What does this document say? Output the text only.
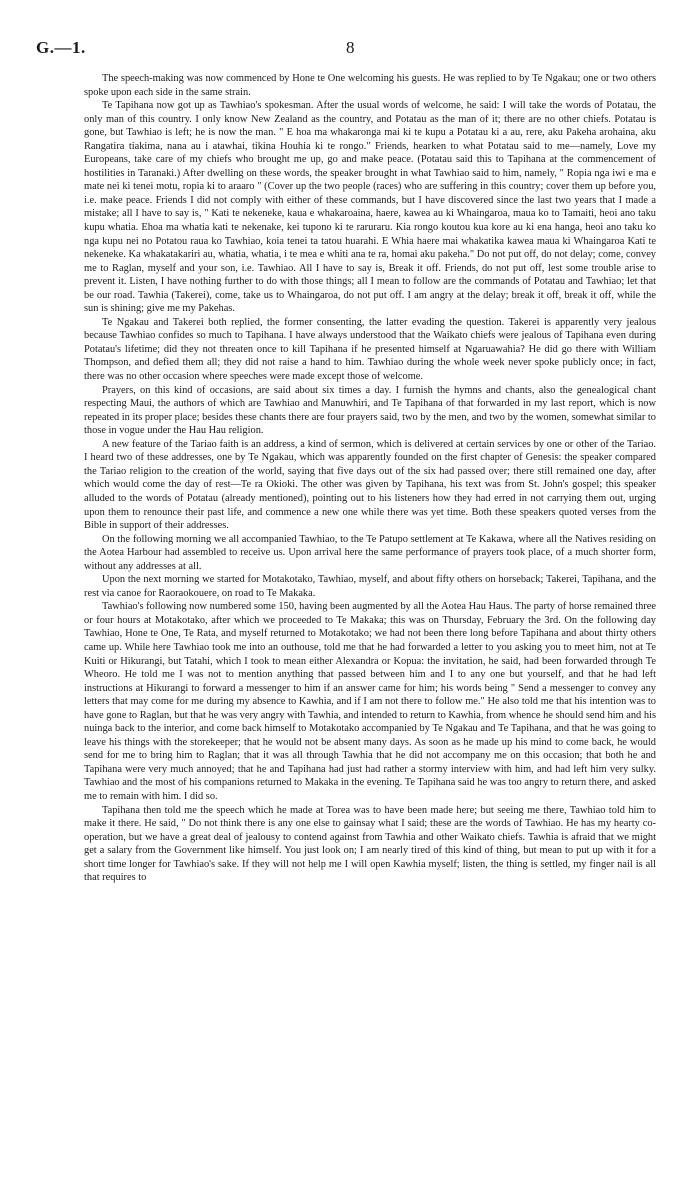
G.—1.	8

The speech-making was now commenced by Hone te One welcoming his guests. He was replied to by Te Ngakau; one or two others spoke upon each side in the same strain.

Te Tapihana now got up as Tawhiao's spokesman. After the usual words of welcome, he said: I will take the words of Potatau, the only man of this country. I only know New Zealand as the country, and Potatau as the man of it; there are no other chiefs. Potatau is gone, but Tawhiao is left; he is now the man. " E hoa ma whakarongа mai ki te kupu a Potatau ki a au, rere, aku Pakeha arohaina, aku Rangatira tiakima, nana au i atawhai, tikina Houhia ki te rongo." Friends, hearken to what Potatau said to me—namely, Love my Europeans, take care of my chiefs who brought me up, go and make peace. (Potatau said this to Tapihana at the commencement of hostilities in Taranaki.) After dwelling on these words, the speaker brought in what Tawhiao said to him, namely, " Ropia nga iwi e ma e mate nei ki tenei motu, ropia ki to araaro " (Cover up the two people (races) who are suffering in this country; cover them up before you, i.e. make peace. Friends I did not comply with either of these commands, but I have discovered since the last two years that I made a mistake; all I have to say is, " Kati te nekeneke, kaua e whakaroaina, haere, kawea au ki Whaingaroa, maua ko to Tamaiti, heoi ano taku kupu whatia. Ehoa ma whatia kati te nekenake, kei tupono ki te raruraru. Kia rongo koutou kua kore au ki ena hanga, heoi ano taku ko nga kupu nei no Potatou raua ko Tawhiao, koia tenei ta tatou huarahi. E Whia haere mai whakatika kawea maua ki Whaingaroa Kati te nekeneke. Ka whakatakariri au, whatia, whatia, i te mea e whiti ana te ra, homai aku pakeha." Do not put off, do not delay; come, convey me to Raglan, myself and your son, i.e. Tawhiao. All I have to say is, Break it off. Friends, do not put off, lest some trouble arise to prevent it. Listen, I have nothing further to do with those things; all I mean to follow are the commands of Potatau and Tawhiao; let that be our road. Tawhia (Takerei), come, take us to Whaingaroa, do not put off. I am angry at the delay; break it off, break it off, while the sun is shining; give me my Pakehas.

Te Ngakau and Takerei both replied, the former consenting, the latter evading the question. Takerei is apparently very jealous because Tawhiao confides so much to Tapihana. I have always understood that the Waikato chiefs were jealous of Tapihana even during Potatau's lifetime; did they not threaten once to kill Tapihana if he presented himself at Ngaruawahia? He did go there with William Thompson, and defied them all; they did not raise a hand to him. Tawhiao during the whole week never spoke publicly once; in fact, there was no other occasion where speeches were made except those of welcome.

Prayers, on this kind of occasions, are said about six times a day. I furnish the hymns and chants, also the genealogical chant respecting Maui, the authors of which are Tawhiao and Manuwhiri, and Te Tapihana of that forwarded in my last report, which is now repeated in its proper place; besides these chants there are four prayers said, two by the men, and two by the women, somewhat similar to those in vogue under the Hau Hau religion.

A new feature of the Tariao faith is an address, a kind of sermon, which is delivered at certain services by one or other of the Tariao. I heard two of these addresses, one by Te Ngakau, which was apparently founded on the first chapter of Genesis: the speaker compared the Tariao religion to the creation of the world, saying that five days out of the six had passed over; there still remained one day, after which would come the day of rest—Te ra Okioki. The other was given by Tapihana, his text was from St. John's gospel; this speaker alluded to the words of Potatau (already mentioned), pointing out to his listeners how they had erred in not carrying them out, urging upon them to renounce their past life, and commence a new one while there was yet time. Both these speakers quoted verses from the Bible in support of their addresses.

On the following morning we all accompanied Tawhiao, to the Te Patupo settlement at Te Kakawa, where all the Natives residing on the Aotea Harbour had assembled to receive us. Upon arrival here the same performance of prayers took place, of a much shorter form, without any addresses at all.

Upon the next morning we started for Motakotako, Tawhiao, myself, and about fifty others on horseback; Takerei, Tapihana, and the rest via canoe for Raoraokouere, on road to Te Makaka.

Tawhiao's following now numbered some 150, having been augmented by all the Aotea Hau Haus. The party of horse remained three or four hours at Motakotako, after which we proceeded to Te Makaka; this was on Thursday, February the 3rd. On the following day Tawhiao, Hone te One, Te Rata, and myself returned to Motakotako; we had not been there long before Tapihana and about thirty others came up. While here Tawhiao took me into an outhouse, told me that he had forwarded a letter to you asking you to meet him, not at Te Kuiti or Hikurangi, but Tatahi, which I took to mean either Alexandra or Kopua: the invitation, he said, had been forwarded through Te Wheoro. He told me I was not to mention anything that passed between him and I to any one but yourself, and that he had left instructions at Hikurangi to forward a messenger to him if an answer came for him; his words being " Send a messenger to convey any letters that may come for me during my absence to Kawhia, and if I am not there to follow me." He also told me that his intention was to have gone to Raglan, but that he was very angry with Tawhia, and intended to return to Kawhia, from whence he should send him and his nuinga back to the interior, and come back himself to Motakotako accompanied by Te Ngakau and Te Tapihana, and that he was going to leave his things with the storekeeper; that he would not be absent many days. As soon as he made up his mind to come back, he would send for me to bring him to Raglan; that it was all through Tawhia that he did not accompany me on this occasion; that both he and Tapihana were very much annoyed; that he and Tapihana had just had rather a stormy interview with him, and had left him very sulky. Tawhiao and the most of his companions returned to Makaka in the evening. Te Tapihana said he was too angry to return there, and asked me to remain with him. I did so.

Tapihana then told me the speech which he made at Torea was to have been made here; but seeing me there, Tawhiao told him to make it there. He said, " Do not think there is any one else to gainsay what I said; these are the words of Tawhiao. He has my hearty co-operation, but we have a great deal of jealousy to contend against from Tawhia and other Waikato chiefs. Tawhia is afraid that we might get a salary from the Government like himself. You just look on; I am nearly tired of this kind of thing, but mean to put up with it for a short time longer for Tawhiao's sake. If they will not help me I will open Kawhia myself; listen, the thing is settled, my finger nail is all that requires to
